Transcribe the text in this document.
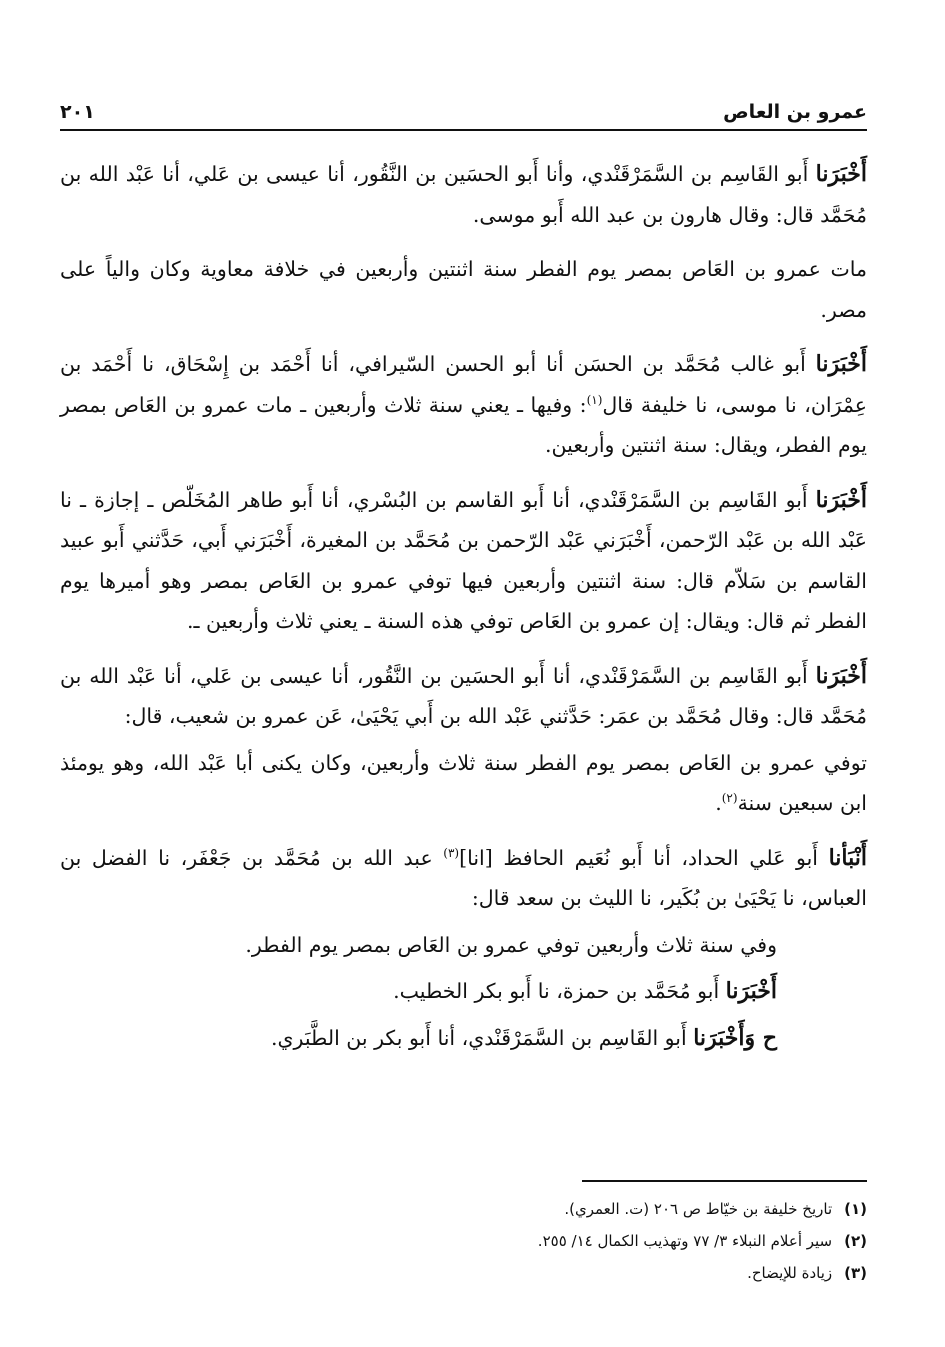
عمرو بن العاص
٢٠١

أَخْبَرَنا أَبو القَاسِم بن السَّمَرْقَنْدي، وأنا أَبو الحسَين بن النَّقُور، أنا عيسى بن عَلي، أنا عَبْد الله بن مُحَمَّد قال: وقال هارون بن عبد الله أَبو موسى.

مات عمرو بن العَاص بمصر يوم الفطر سنة اثنتين وأربعين في خلافة معاوية وكان والياً على مصر.

أَخْبَرَنا أَبو غالب مُحَمَّد بن الحسَن أنا أبو الحسن السّيرافي، أنا أَحْمَد بن إِسْحَاق، نا أَحْمَد بن عِمْرَان، نا موسى، نا خليفة قال$^{(١)}$: وفيها ـ يعني سنة ثلاث وأربعين ـ مات عمرو بن العَاص بمصر يوم الفطر، ويقال: سنة اثنتين وأربعين.

أَخْبَرَنا أَبو القَاسِم بن السَّمَرْقَنْدي، أنا أَبو القاسم بن البُسْري، أنا أَبو طاهر المُخَلّص ـ إجازة ـ نا عَبْد الله بن عَبْد الرّحمن، أَخْبَرَني عَبْد الرّحمن بن مُحَمَّد بن المغيرة، أَخْبَرَني أَبي، حَدَّثني أَبو عبيد القاسم بن سَلاّم قال: سنة اثنتين وأربعين فيها توفي عمرو بن العَاص بمصر وهو أميرها يوم الفطر ثم قال: ويقال: إن عمرو بن العَاص توفي هذه السنة ـ يعني ثلاث وأربعين ـ.

أَخْبَرَنا أَبو القَاسِم بن السَّمَرْقَنْدي، أنا أَبو الحسَين بن النَّقُور، أنا عيسى بن عَلي، أنا عَبْد الله بن مُحَمَّد قال: وقال مُحَمَّد بن عمَر: حَدَّثني عَبْد الله بن أَبي يَحْيَىٰ، عَن عمرو بن شعيب، قال:

توفي عمرو بن العَاص بمصر يوم الفطر سنة ثلاث وأربعين، وكان يكنى أبا عَبْد الله، وهو يومئذ ابن سبعين سنة$^{(٢)}$.

أَنْبَأنا أَبو عَلي الحداد، أنا أَبو نُعَيم الحافظ [انا]$^{(٣)}$ عبد الله بن مُحَمَّد بن جَعْفَر، نا الفضل بن العباس، نا يَحْيَىٰ بن بُكَير، نا الليث بن سعد قال:

وفي سنة ثلاث وأربعين توفي عمرو بن العَاص بمصر يوم الفطر.

أَخْبَرَنا أَبو مُحَمَّد بن حمزة، نا أَبو بكر الخطيب.

ح وَأَخْبَرَنا أَبو القَاسِم بن السَّمَرْقَنْدي، أنا أَبو بكر بن الطَّبَري.

(١)
تاريخ خليفة بن خيّاط ص ٢٠٦ (ت. العمري).
(٢)
سير أعلام النبلاء ٣/ ٧٧ وتهذيب الكمال ١٤/ ٢٥٥.
(٣)
زيادة للإيضاح.
